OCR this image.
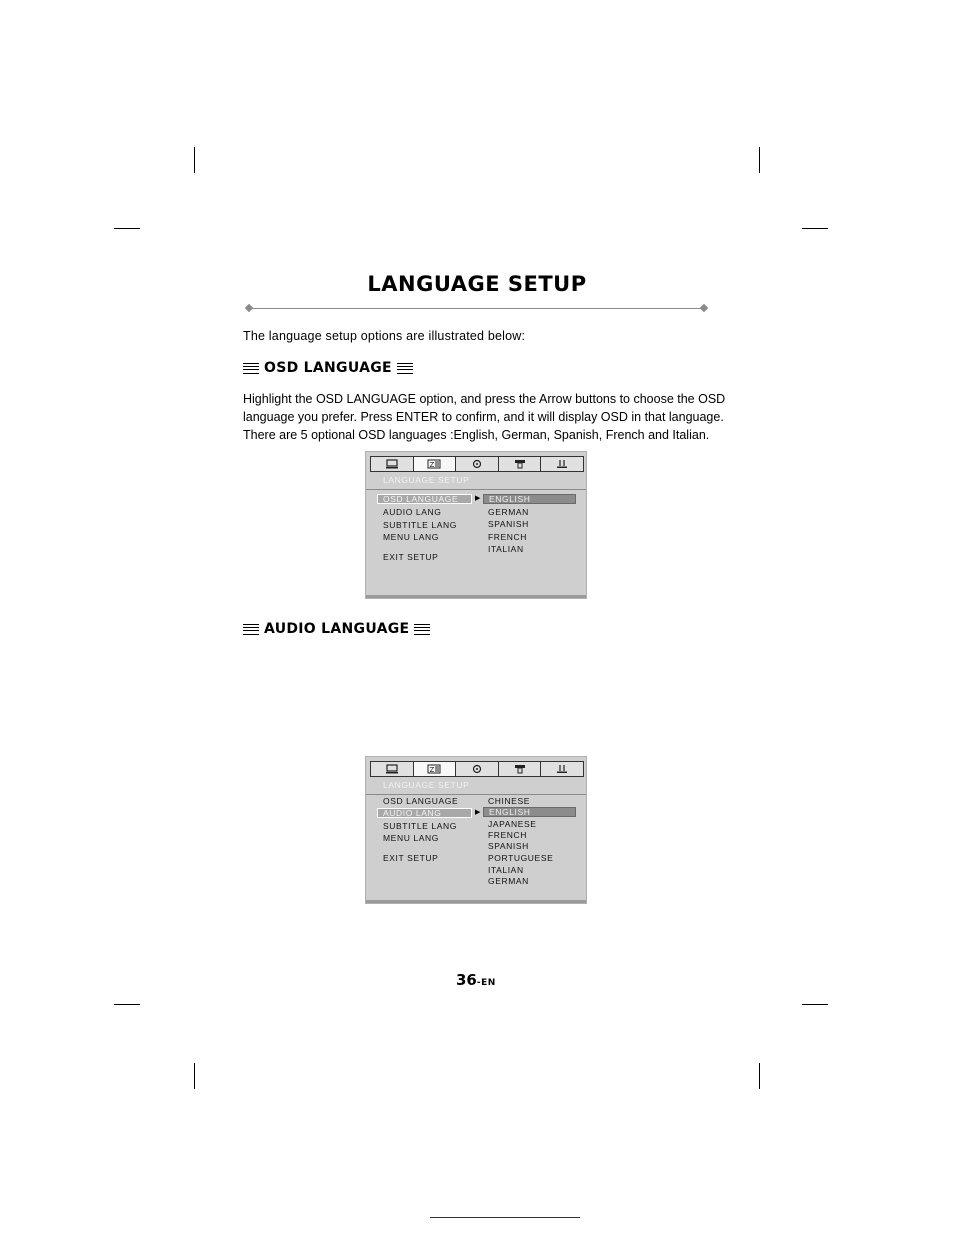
LANGUAGE SETUP
The language setup options are illustrated below:
OSD LANGUAGE
Highlight the OSD LANGUAGE option, and press the Arrow buttons to choose the OSD language you prefer. Press ENTER to confirm, and it will display OSD in that language. There are 5 optional OSD languages :English, German, Spanish, French and Italian.
Z
LANGUAGE SETUP
OSD LANGUAGE
AUDIO LANG
SUBTITLE LANG
MENU LANG
EXIT SETUP
▶ ENGLISH
GERMAN
SPANISH
FRENCH
ITALIAN
AUDIO LANGUAGE
Z
LANGUAGE SETUP
OSD LANGUAGE
AUDIO LANG
SUBTITLE LANG
MENU LANG
EXIT SETUP
▶
CHINESE
ENGLISH
JAPANESE
FRENCH
SPANISH
PORTUGUESE
ITALIAN
GERMAN
36-EN
